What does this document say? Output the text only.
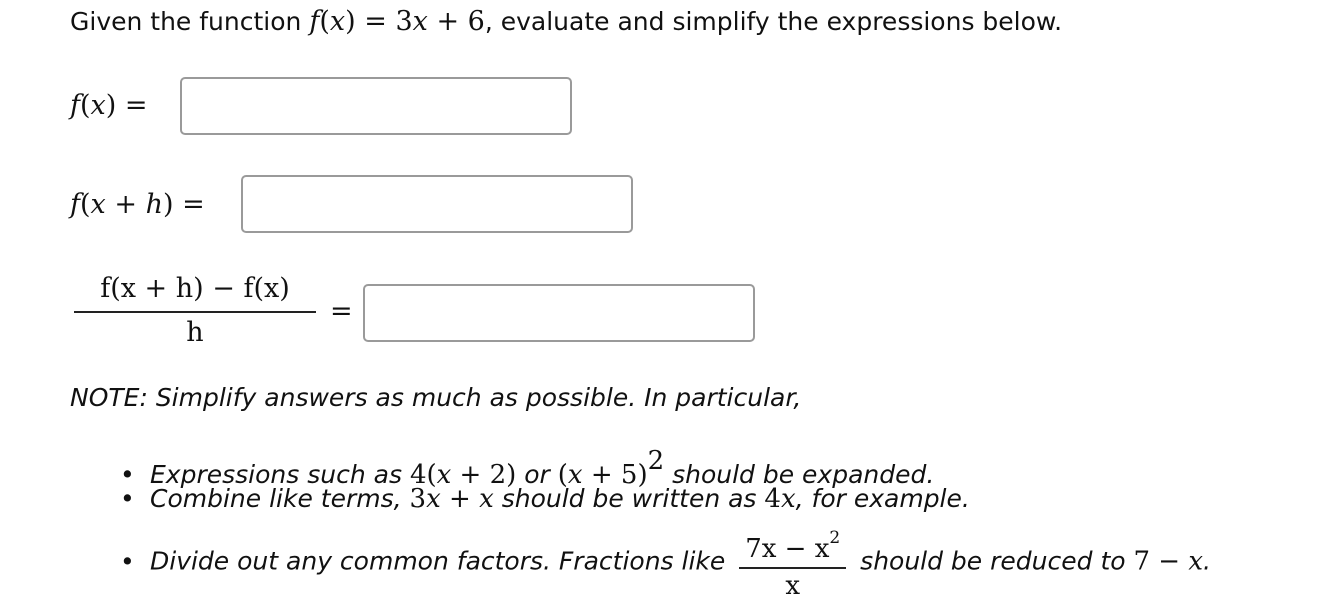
Given the function f(x) = 3x + 6, evaluate and simplify the expressions below.
f(x) =
f(x + h) =
f(x + h) − f(x)
h
=
NOTE: Simplify answers as much as possible. In particular,
• Expressions such as 4(x + 2) or $(x + 5)^2$ should be expanded.
• Combine like terms, 3x + x should be written as 4x, for example.
• Divide out any common factors. Fractions like $\frac{7x - x^2}{x}$ should be reduced to 7 − x.
